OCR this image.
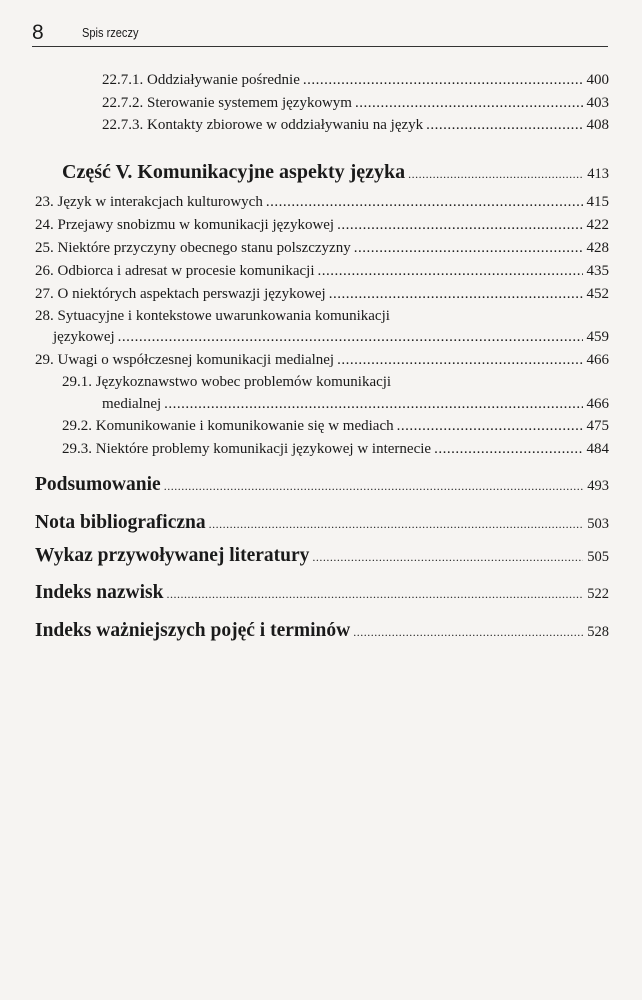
8	Spis rzeczy
22.7.1. Oddziaływanie pośrednie .....	400
22.7.2. Sterowanie systemem językowym .....	403
22.7.3. Kontakty zbiorowe w oddziaływaniu na język .....	408
Część V. Komunikacyjne aspekty języka .....	413
23. Język w interakcjach kulturowych .....	415
24. Przejawy snobizmu w komunikacji językowej .....	422
25. Niektóre przyczyny obecnego stanu polszczyzny .....	428
26. Odbiorca i adresat w procesie komunikacji .....	435
27. O niektórych aspektach perswazji językowej .....	452
28. Sytuacyjne i kontekstowe uwarunkowania komunikacji
językowej .....	459
29. Uwagi o współczesnej komunikacji medialnej .....	466
29.1. Językoznawstwo wobec problemów komunikacji
medialnej .....	466
29.2. Komunikowanie i komunikowanie się w mediach .....	475
29.3. Niektóre problemy komunikacji językowej w internecie .....	484
Podsumowanie .....	493
Nota bibliograficzna .....	503
Wykaz przywoływanej literatury .....	505
Indeks nazwisk .....	522
Indeks ważniejszych pojęć i terminów .....	528
